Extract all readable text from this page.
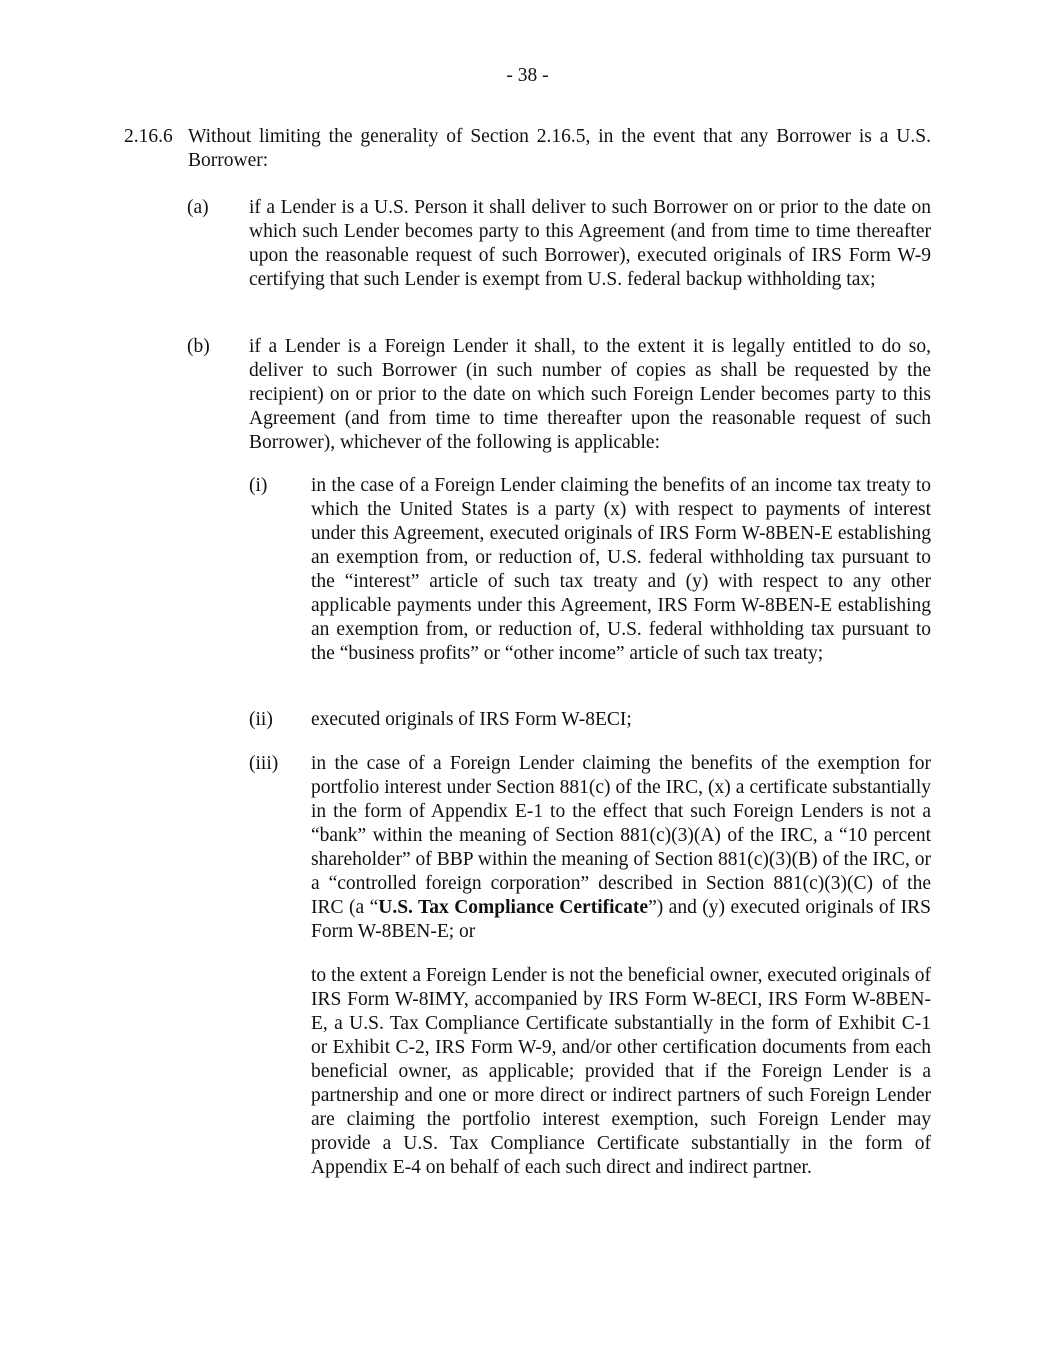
- 38 -
2.16.6 Without limiting the generality of Section 2.16.5, in the event that any Borrower is a U.S. Borrower:
(a) if a Lender is a U.S. Person it shall deliver to such Borrower on or prior to the date on which such Lender becomes party to this Agreement (and from time to time thereafter upon the reasonable request of such Borrower), executed originals of IRS Form W-9 certifying that such Lender is exempt from U.S. federal backup withholding tax;
(b) if a Lender is a Foreign Lender it shall, to the extent it is legally entitled to do so, deliver to such Borrower (in such number of copies as shall be requested by the recipient) on or prior to the date on which such Foreign Lender becomes party to this Agreement (and from time to time thereafter upon the reasonable request of such Borrower), whichever of the following is applicable:
(i) in the case of a Foreign Lender claiming the benefits of an income tax treaty to which the United States is a party (x) with respect to payments of interest under this Agreement, executed originals of IRS Form W-8BEN-E establishing an exemption from, or reduction of, U.S. federal withholding tax pursuant to the “interest” article of such tax treaty and (y) with respect to any other applicable payments under this Agreement, IRS Form W-8BEN-E establishing an exemption from, or reduction of, U.S. federal withholding tax pursuant to the “business profits” or “other income” article of such tax treaty;
(ii) executed originals of IRS Form W-8ECI;
(iii) in the case of a Foreign Lender claiming the benefits of the exemption for portfolio interest under Section 881(c) of the IRC, (x) a certificate substantially in the form of Appendix E-1 to the effect that such Foreign Lenders is not a “bank” within the meaning of Section 881(c)(3)(A) of the IRC, a “10 percent shareholder” of BBP within the meaning of Section 881(c)(3)(B) of the IRC, or a “controlled foreign corporation” described in Section 881(c)(3)(C) of the IRC (a “U.S. Tax Compliance Certificate”) and (y) executed originals of IRS Form W-8BEN-E; or
to the extent a Foreign Lender is not the beneficial owner, executed originals of IRS Form W-8IMY, accompanied by IRS Form W-8ECI, IRS Form W-8BEN-E, a U.S. Tax Compliance Certificate substantially in the form of Exhibit C-1 or Exhibit C-2, IRS Form W-9, and/or other certification documents from each beneficial owner, as applicable; provided that if the Foreign Lender is a partnership and one or more direct or indirect partners of such Foreign Lender are claiming the portfolio interest exemption, such Foreign Lender may provide a U.S. Tax Compliance Certificate substantially in the form of Appendix E-4 on behalf of each such direct and indirect partner.
